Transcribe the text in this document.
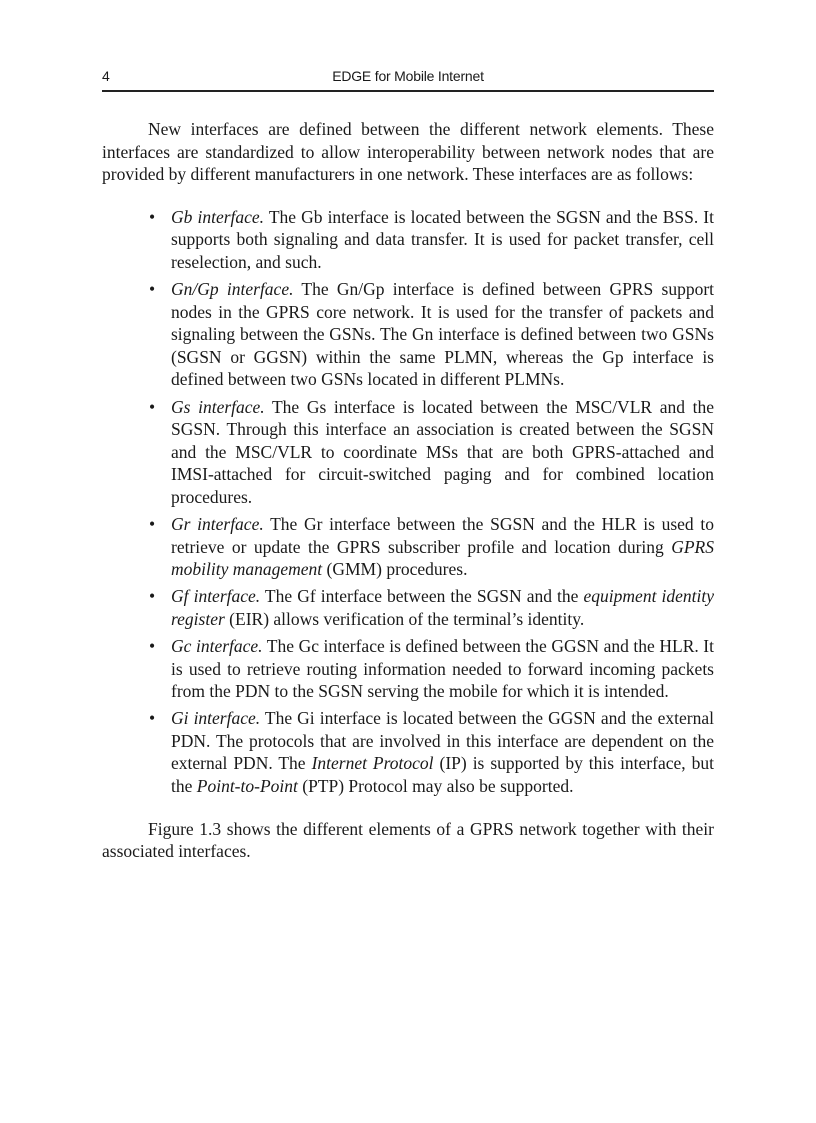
4	EDGE for Mobile Internet

New interfaces are defined between the different network elements. These interfaces are standardized to allow interoperability between network nodes that are provided by different manufacturers in one network. These interfaces are as follows:

• Gb interface. The Gb interface is located between the SGSN and the BSS. It supports both signaling and data transfer. It is used for packet transfer, cell reselection, and such.
• Gn/Gp interface. The Gn/Gp interface is defined between GPRS support nodes in the GPRS core network. It is used for the transfer of packets and signaling between the GSNs. The Gn interface is defined between two GSNs (SGSN or GGSN) within the same PLMN, whereas the Gp interface is defined between two GSNs located in different PLMNs.
• Gs interface. The Gs interface is located between the MSC/VLR and the SGSN. Through this interface an association is created between the SGSN and the MSC/VLR to coordinate MSs that are both GPRS-attached and IMSI-attached for circuit-switched paging and for combined location procedures.
• Gr interface. The Gr interface between the SGSN and the HLR is used to retrieve or update the GPRS subscriber profile and location during GPRS mobility management (GMM) procedures.
• Gf interface. The Gf interface between the SGSN and the equipment identity register (EIR) allows verification of the terminal’s identity.
• Gc interface. The Gc interface is defined between the GGSN and the HLR. It is used to retrieve routing information needed to forward incoming packets from the PDN to the SGSN serving the mobile for which it is intended.
• Gi interface. The Gi interface is located between the GGSN and the external PDN. The protocols that are involved in this interface are dependent on the external PDN. The Internet Protocol (IP) is supported by this interface, but the Point-to-Point (PTP) Protocol may also be supported.

Figure 1.3 shows the different elements of a GPRS network together with their associated interfaces.
